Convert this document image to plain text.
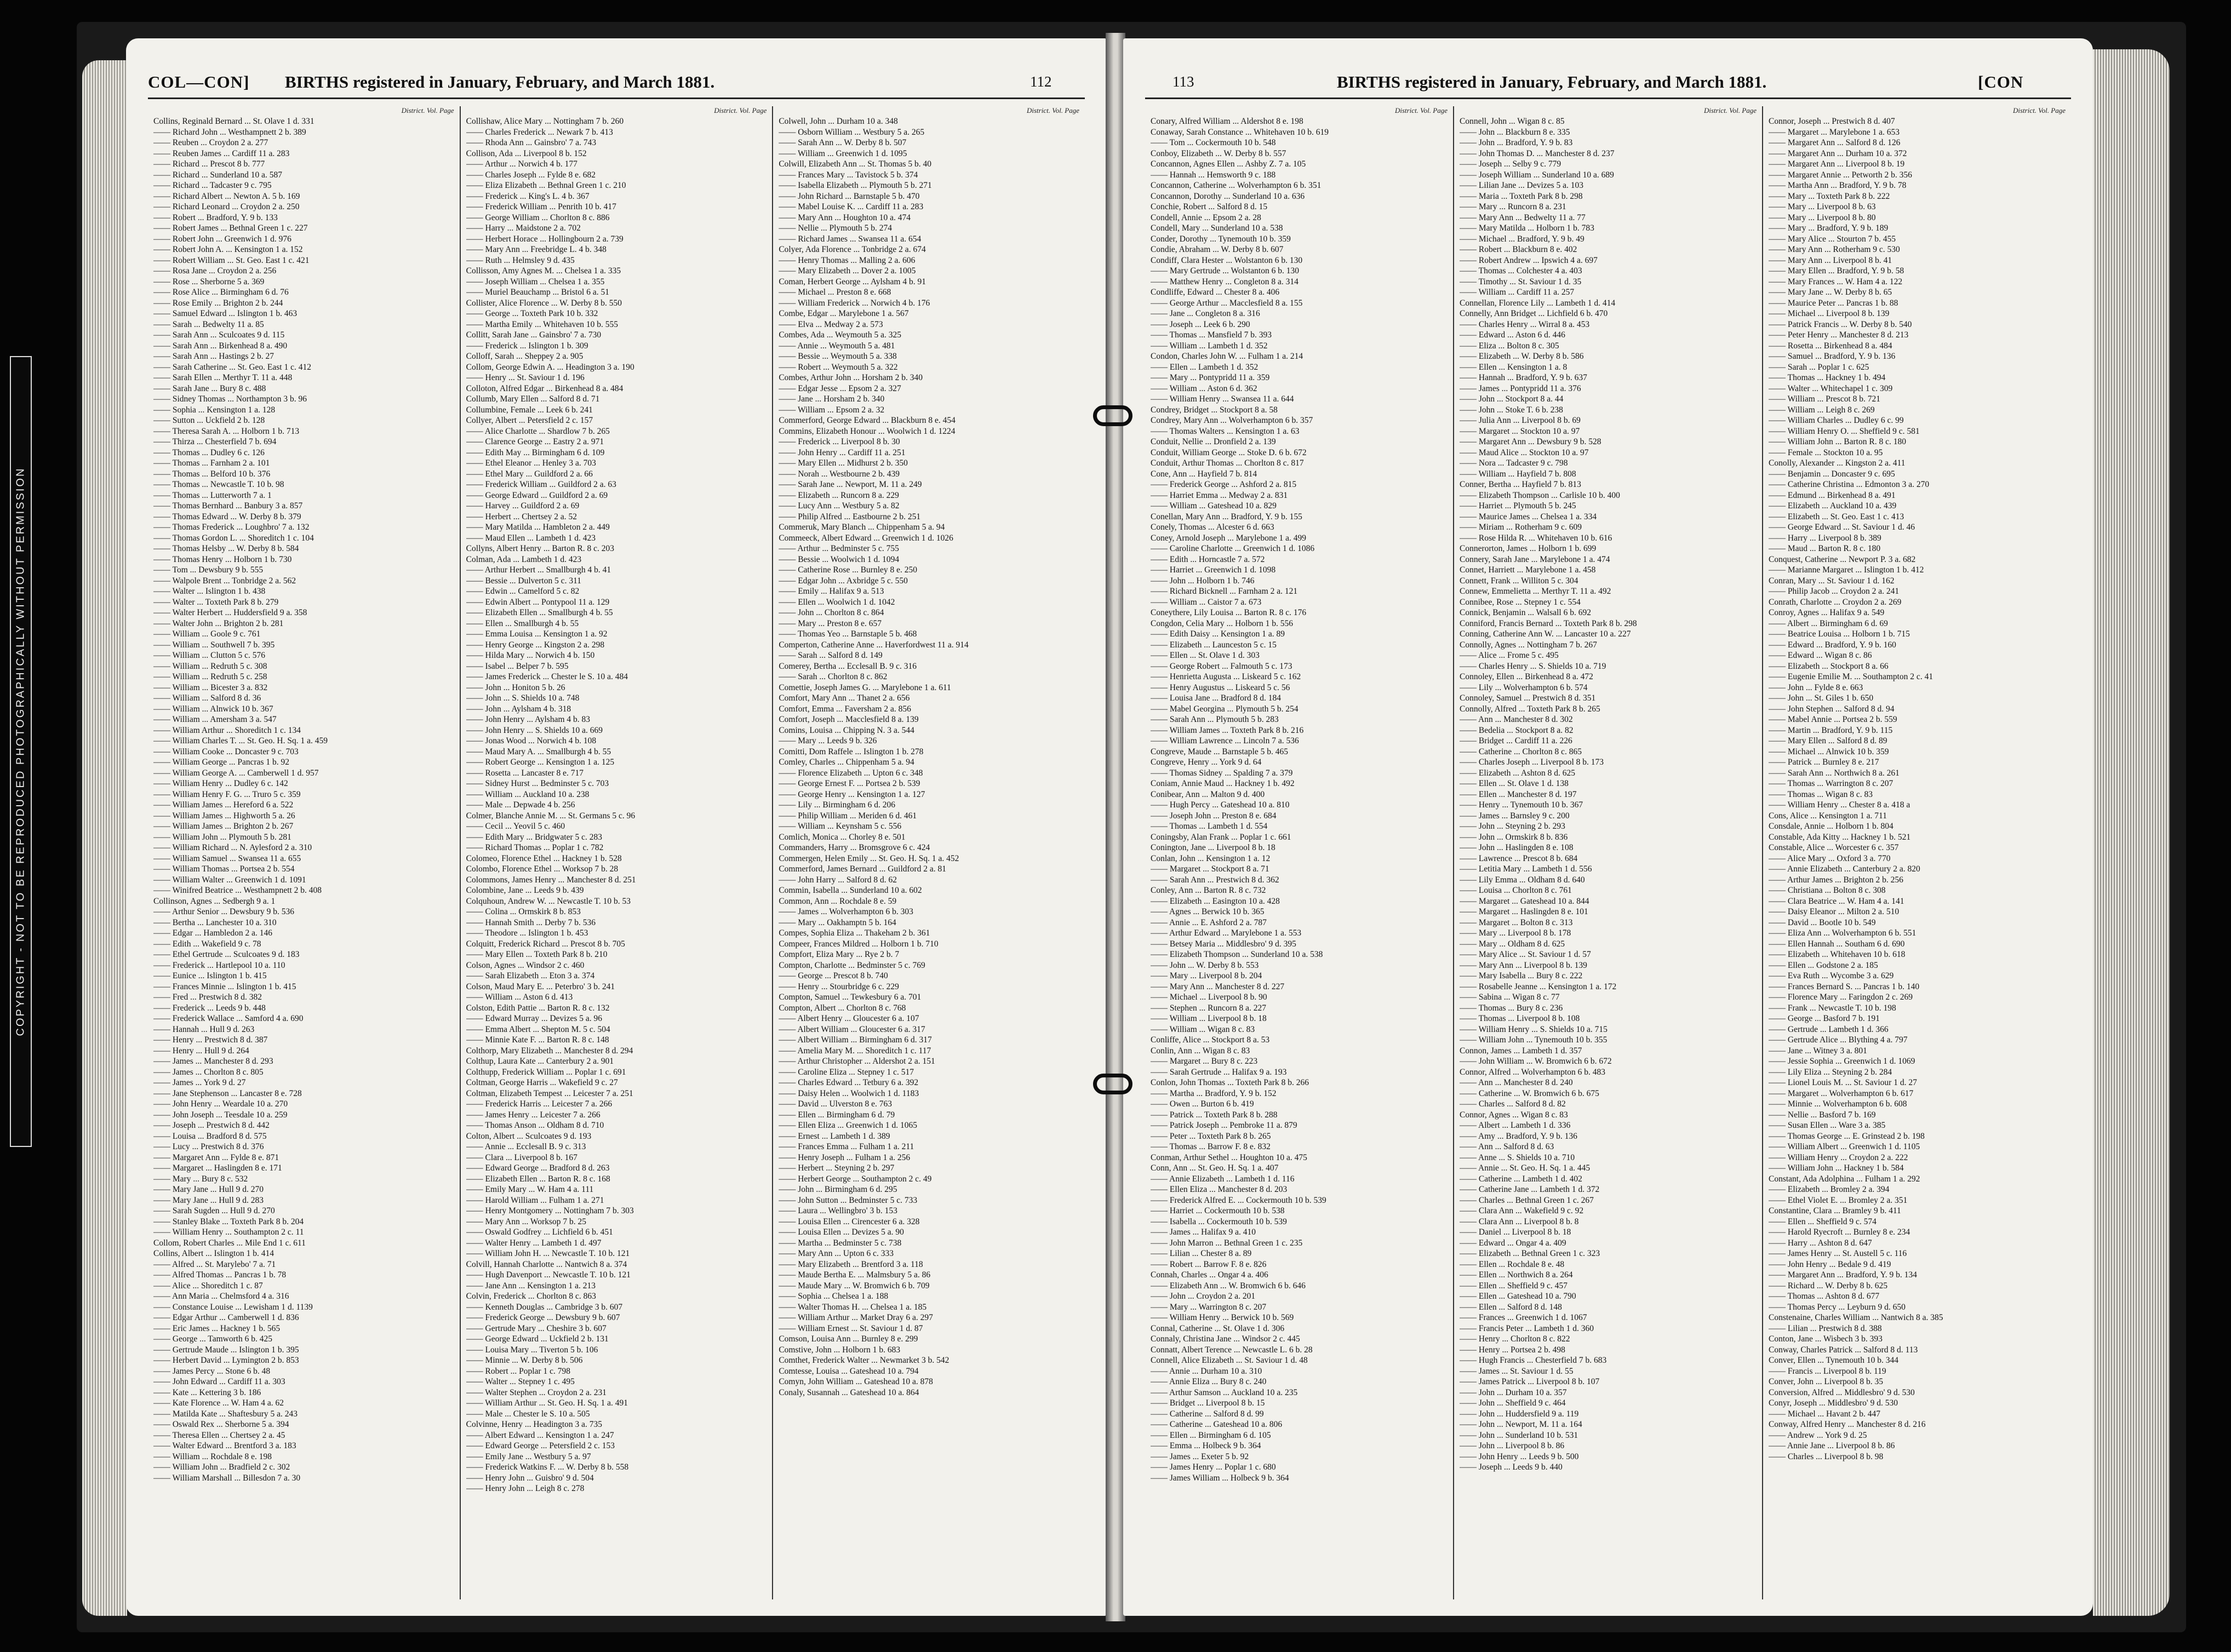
COPYRIGHT - NOT TO BE REPRODUCED PHOTOGRAPHICALLY WITHOUT PERMISSION
COL—CON] BIRTHS registered in January, February, and March 1881.	112
District. Vol. Page
Collins, Reginald Bernard ... St. Olave 1 d. 331
—— Richard John ... Westhampnett 2 b. 389
—— Reuben ... Croydon 2 a. 277
—— Reuben James ... Cardiff 11 a. 283
—— Richard ... Prescot 8 b. 777
—— Richard ... Sunderland 10 a. 587
—— Richard ... Tadcaster 9 c. 795
—— Richard Albert ... Newton A. 5 b. 169
—— Richard Leonard ... Croydon 2 a. 250
—— Robert ... Bradford, Y. 9 b. 133
—— Robert James ... Bethnal Green 1 c. 227
—— Robert John ... Greenwich 1 d. 976
—— Robert John A. ... Kensington 1 a. 152
—— Robert William ... St. Geo. East 1 c. 421
—— Rosa Jane ... Croydon 2 a. 256
—— Rose ... Sherborne 5 a. 369
—— Rose Alice ... Birmingham 6 d. 76
—— Rose Emily ... Brighton 2 b. 244
—— Samuel Edward ... Islington 1 b. 463
—— Sarah ... Bedwelty 11 a. 85
—— Sarah Ann ... Sculcoates 9 d. 115
—— Sarah Ann ... Birkenhead 8 a. 490
—— Sarah Ann ... Hastings 2 b. 27
—— Sarah Catherine ... St. Geo. East 1 c. 412
—— Sarah Ellen ... Merthyr T. 11 a. 448
—— Sarah Jane ... Bury 8 c. 488
—— Sidney Thomas ... Northampton 3 b. 96
—— Sophia ... Kensington 1 a. 128
—— Sutton ... Uckfield 2 b. 128
—— Theresa Sarah A. ... Holborn 1 b. 713
—— Thirza ... Chesterfield 7 b. 694
—— Thomas ... Dudley 6 c. 126
—— Thomas ... Farnham 2 a. 101
—— Thomas ... Belford 10 b. 376
—— Thomas ... Newcastle T. 10 b. 98
—— Thomas ... Lutterworth 7 a. 1
—— Thomas Bernhard ... Banbury 3 a. 857
—— Thomas Edward ... W. Derby 8 b. 379
—— Thomas Frederick ... Loughbro' 7 a. 132
—— Thomas Gordon L. ... Shoreditch 1 c. 104
—— Thomas Helsby ... W. Derby 8 b. 584
—— Thomas Henry ... Holborn 1 b. 730
—— Tom ... Dewsbury 9 b. 555
—— Walpole Brent ... Tonbridge 2 a. 562
—— Walter ... Islington 1 b. 438
—— Walter ... Toxteth Park 8 b. 279
—— Walter Herbert ... Huddersfield 9 a. 358
—— Walter John ... Brighton 2 b. 281
—— William ... Goole 9 c. 761
—— William ... Southwell 7 b. 395
—— William ... Clutton 5 c. 576
—— William ... Redruth 5 c. 308
—— William ... Redruth 5 c. 258
—— William ... Bicester 3 a. 832
—— William ... Salford 8 d. 36
—— William ... Alnwick 10 b. 367
—— William ... Amersham 3 a. 547
—— William Arthur ... Shoreditch 1 c. 134
—— William Charles T. ... St. Geo. H. Sq. 1 a. 459
—— William Cooke ... Doncaster 9 c. 703
—— William George ... Pancras 1 b. 92
—— William George A. ... Camberwell 1 d. 957
—— William Henry ... Dudley 6 c. 142
—— William Henry F. G. ... Truro 5 c. 359
—— William James ... Hereford 6 a. 522
—— William James ... Highworth 5 a. 26
—— William James ... Brighton 2 b. 267
—— William John ... Plymouth 5 b. 281
—— William Richard ... N. Aylesford 2 a. 310
—— William Samuel ... Swansea 11 a. 655
—— William Thomas ... Portsea 2 b. 554
—— William Walter ... Greenwich 1 d. 1091
—— Winifred Beatrice ... Westhampnett 2 b. 408
Collinson, Agnes ... Sedbergh 9 a. 1
—— Arthur Senior ... Dewsbury 9 b. 536
—— Bertha ... Lanchester 10 a. 310
—— Edgar ... Hambledon 2 a. 146
—— Edith ... Wakefield 9 c. 78
—— Ethel Gertrude ... Sculcoates 9 d. 183
—— Frederick ... Hartlepool 10 a. 110
—— Eunice ... Islington 1 b. 415
—— Frances Minnie ... Islington 1 b. 415
—— Fred ... Prestwich 8 d. 382
—— Frederick ... Leeds 9 b. 448
—— Frederick Wallace ... Samford 4 a. 690
—— Hannah ... Hull 9 d. 263
—— Henry ... Prestwich 8 d. 387
—— Henry ... Hull 9 d. 264
—— James ... Manchester 8 d. 293
—— James ... Chorlton 8 c. 805
—— James ... York 9 d. 27
—— Jane Stephenson ... Lancaster 8 e. 728
—— John Henry ... Weardale 10 a. 270
—— John Joseph ... Teesdale 10 a. 259
—— Joseph ... Prestwich 8 d. 442
—— Louisa ... Bradford 8 d. 575
—— Lucy ... Prestwich 8 d. 376
—— Margaret Ann ... Fylde 8 e. 871
—— Margaret ... Haslingden 8 e. 171
—— Mary ... Bury 8 c. 532
—— Mary Jane ... Hull 9 d. 270
—— Mary Jane ... Hull 9 d. 283
—— Sarah Sugden ... Hull 9 d. 270
—— Stanley Blake ... Toxteth Park 8 b. 204
—— William Henry ... Southampton 2 c. 11
Collom, Robert Charles ... Mile End 1 c. 611
Collins, Albert ... Islington 1 b. 414
—— Alfred ... St. Marylebo' 7 a. 71
—— Alfred Thomas ... Pancras 1 b. 78
—— Alice ... Shoreditch 1 c. 87
—— Ann Maria ... Chelmsford 4 a. 316
—— Constance Louise ... Lewisham 1 d. 1139
—— Edgar Arthur ... Camberwell 1 d. 836
—— Eric James ... Hackney 1 b. 565
—— George ... Tamworth 6 b. 425
—— Gertrude Maude ... Islington 1 b. 395
—— Herbert David ... Lymington 2 b. 853
—— James Percy ... Stone 6 b. 48
—— John Edward ... Cardiff 11 a. 303
—— Kate ... Kettering 3 b. 186
—— Kate Florence ... W. Ham 4 a. 62
—— Matilda Kate ... Shaftesbury 5 a. 243
—— Oswald Rex ... Sherborne 5 a. 394
—— Theresa Ellen ... Chertsey 2 a. 45
—— Walter Edward ... Brentford 3 a. 183
—— William ... Rochdale 8 e. 198
—— William John ... Bradfield 2 c. 302
—— William Marshall ... Billesdon 7 a. 30
District. Vol. Page
Collishaw, Alice Mary ... Nottingham 7 b. 260
—— Charles Frederick ... Newark 7 b. 413
—— Rhoda Ann ... Gainsbro' 7 a. 743
Collison, Ada ... Liverpool 8 b. 152
—— Arthur ... Norwich 4 b. 177
—— Charles Joseph ... Fylde 8 e. 682
—— Eliza Elizabeth ... Bethnal Green 1 c. 210
—— Frederick ... King's L. 4 b. 367
—— Frederick William ... Penrith 10 b. 417
—— George William ... Chorlton 8 c. 886
—— Harry ... Maidstone 2 a. 702
—— Herbert Horace ... Hollingbourn 2 a. 739
—— Mary Ann ... Freebridge L. 4 b. 348
—— Ruth ... Helmsley 9 d. 435
Collisson, Amy Agnes M. ... Chelsea 1 a. 335
—— Joseph William ... Chelsea 1 a. 355
—— Muriel Beauchamp ... Bristol 6 a. 51
Collister, Alice Florence ... W. Derby 8 b. 550
—— George ... Toxteth Park 10 b. 332
—— Martha Emily ... Whitehaven 10 b. 555
Collitt, Sarah Jane ... Gainsbro' 7 a. 730
—— Frederick ... Islington 1 b. 309
Colloff, Sarah ... Sheppey 2 a. 905
Collom, George Edwin A. ... Headington 3 a. 190
—— Henry ... St. Saviour 1 d. 196
Colloton, Alfred Edgar ... Birkenhead 8 a. 484
Collumb, Mary Ellen ... Salford 8 d. 71
Collumbine, Female ... Leek 6 b. 241
Collyer, Albert ... Petersfield 2 c. 157
—— Alice Charlotte ... Shardlow 7 b. 265
—— Clarence George ... Eastry 2 a. 971
—— Edith May ... Birmingham 6 d. 109
—— Ethel Eleanor ... Henley 3 a. 703
—— Ethel Mary ... Guildford 2 a. 66
—— Frederick William ... Guildford 2 a. 63
—— George Edward ... Guildford 2 a. 69
—— Harvey ... Guildford 2 a. 69
—— Herbert ... Chertsey 2 a. 52
—— Mary Matilda ... Hambleton 2 a. 449
—— Maud Ellen ... Lambeth 1 d. 423
Collyns, Albert Henry ... Barton R. 8 c. 203
Colman, Ada ... Lambeth 1 d. 423
—— Arthur Herbert ... Smallburgh 4 b. 41
—— Bessie ... Dulverton 5 c. 311
—— Edwin ... Camelford 5 c. 82
—— Edwin Albert ... Pontypool 11 a. 129
—— Elizabeth Ellen ... Smallburgh 4 b. 55
—— Ellen ... Smallburgh 4 b. 55
—— Emma Louisa ... Kensington 1 a. 92
—— Henry George ... Kingston 2 a. 298
—— Hilda Mary ... Norwich 4 b. 150
—— Isabel ... Belper 7 b. 595
—— James Frederick ... Chester le S. 10 a. 484
—— John ... Honiton 5 b. 26
—— John ... S. Shields 10 a. 748
—— John ... Aylsham 4 b. 318
—— John Henry ... Aylsham 4 b. 83
—— John Henry ... S. Shields 10 a. 669
—— Jonas Wood ... Norwich 4 b. 108
—— Maud Mary A. ... Smallburgh 4 b. 55
—— Robert George ... Kensington 1 a. 125
—— Rosetta ... Lancaster 8 e. 717
—— Sidney Hurst ... Bedminster 5 c. 703
—— William ... Auckland 10 a. 238
—— Male ... Depwade 4 b. 256
Colmer, Blanche Annie M. ... St. Germans 5 c. 96
—— Cecil ... Yeovil 5 c. 460
—— Edith Mary ... Bridgwater 5 c. 283
—— Richard Thomas ... Poplar 1 c. 782
Colomeo, Florence Ethel ... Hackney 1 b. 528
Colombo, Florence Ethel ... Worksop 7 b. 28
Colommons, James Henry ... Manchester 8 d. 251
Colombine, Jane ... Leeds 9 b. 439
Colquhoun, Andrew W. ... Newcastle T. 10 b. 53
—— Colina ... Ormskirk 8 b. 853
—— Hannah Smith ... Derby 7 b. 536
—— Theodore ... Islington 1 b. 453
Colquitt, Frederick Richard ... Prescot 8 b. 705
—— Mary Ellen ... Toxteth Park 8 b. 210
Colson, Agnes ... Windsor 2 c. 460
—— Sarah Elizabeth ... Eton 3 a. 374
Colson, Maud Mary E. ... Peterbro' 3 b. 241
—— William ... Aston 6 d. 413
Colston, Edith Pattie ... Barton R. 8 c. 132
—— Edward Murray ... Devizes 5 a. 96
—— Emma Albert ... Shepton M. 5 c. 504
—— Minnie Kate F. ... Barton R. 8 c. 148
Colthorp, Mary Elizabeth ... Manchester 8 d. 294
Colthup, Laura Kate ... Canterbury 2 a. 901
Colthupp, Frederick William ... Poplar 1 c. 691
Coltman, George Harris ... Wakefield 9 c. 27
Coltman, Elizabeth Tempest ... Leicester 7 a. 251
—— Frederick Harris ... Leicester 7 a. 266
—— James Henry ... Leicester 7 a. 266
—— Thomas Anson ... Oldham 8 d. 710
Colton, Albert ... Sculcoates 9 d. 193
—— Annie ... Ecclesall B. 9 c. 313
—— Clara ... Liverpool 8 b. 167
—— Edward George ... Bradford 8 d. 263
—— Elizabeth Ellen ... Barton R. 8 c. 168
—— Emily Mary ... W. Ham 4 a. 111
—— Harold William ... Fulham 1 a. 271
—— Henry Montgomery ... Nottingham 7 b. 303
—— Mary Ann ... Worksop 7 b. 25
—— Oswald Godfrey ... Lichfield 6 b. 451
—— Walter Henry ... Lambeth 1 d. 497
—— William John H. ... Newcastle T. 10 b. 121
Colvill, Hannah Charlotte ... Nantwich 8 a. 374
—— Hugh Davenport ... Newcastle T. 10 b. 121
—— Jane Ann ... Kensington 1 a. 213
Colvin, Frederick ... Chorlton 8 c. 863
—— Kenneth Douglas ... Cambridge 3 b. 607
—— Frederick George ... Dewsbury 9 b. 607
—— Gertrude Mary ... Cheshire 3 b. 607
—— George Edward ... Uckfield 2 b. 131
—— Louisa Mary ... Tiverton 5 b. 106
—— Minnie ... W. Derby 8 b. 506
—— Robert ... Poplar 1 c. 798
—— Walter ... Stepney 1 c. 495
—— Walter Stephen ... Croydon 2 a. 231
—— William Arthur ... St. Geo. H. Sq. 1 a. 491
—— Male ... Chester le S. 10 a. 505
Colvinne, Henry ... Headington 3 a. 735
—— Albert Edward ... Kensington 1 a. 247
—— Edward George ... Petersfield 2 c. 153
—— Emily Jane ... Westbury 5 a. 97
—— Frederick Watkins F. ... W. Derby 8 b. 558
—— Henry John ... Guisbro' 9 d. 504
—— Henry John ... Leigh 8 c. 278
District. Vol. Page
Colwell, John ... Durham 10 a. 348
—— Osborn William ... Westbury 5 a. 265
—— Sarah Ann ... W. Derby 8 b. 507
—— William ... Greenwich 1 d. 1095
Colwill, Elizabeth Ann ... St. Thomas 5 b. 40
—— Frances Mary ... Tavistock 5 b. 374
—— Isabella Elizabeth ... Plymouth 5 b. 271
—— John Richard ... Barnstaple 5 b. 470
—— Mabel Louise K. ... Cardiff 11 a. 283
—— Mary Ann ... Houghton 10 a. 474
—— Nellie ... Plymouth 5 b. 274
—— Richard James ... Swansea 11 a. 654
Colyer, Ada Florence ... Tonbridge 2 a. 674
—— Henry Thomas ... Malling 2 a. 606
—— Mary Elizabeth ... Dover 2 a. 1005
Coman, Herbert George ... Aylsham 4 b. 91
—— Michael ... Preston 8 e. 668
—— William Frederick ... Norwich 4 b. 176
Combe, Edgar ... Marylebone 1 a. 567
—— Elva ... Medway 2 a. 573
Combes, Ada ... Weymouth 5 a. 325
—— Annie ... Weymouth 5 a. 481
—— Bessie ... Weymouth 5 a. 338
—— Robert ... Weymouth 5 a. 322
Combes, Arthur John ... Horsham 2 b. 340
—— Edgar Jesse ... Epsom 2 a. 327
—— Jane ... Horsham 2 b. 340
—— William ... Epsom 2 a. 32
Commerford, George Edward ... Blackburn 8 e. 454
Commins, Elizabeth Honour ... Woolwich 1 d. 1224
—— Frederick ... Liverpool 8 b. 30
—— John Henry ... Cardiff 11 a. 251
—— Mary Ellen ... Midhurst 2 b. 350
—— Norah ... Westbourne 2 b. 439
—— Sarah Jane ... Newport, M. 11 a. 249
—— Elizabeth ... Runcorn 8 a. 229
—— Lucy Ann ... Westbury 5 a. 82
—— Philip Alfred ... Eastbourne 2 b. 251
Commeruk, Mary Blanch ... Chippenham 5 a. 94
Commeeck, Albert Edward ... Greenwich 1 d. 1026
—— Arthur ... Bedminster 5 c. 755
—— Bessie ... Woolwich 1 d. 1094
—— Catherine Rose ... Burnley 8 e. 250
—— Edgar John ... Axbridge 5 c. 550
—— Emily ... Halifax 9 a. 513
—— Ellen ... Woolwich 1 d. 1042
—— John ... Chorlton 8 c. 864
—— Mary ... Preston 8 e. 657
—— Thomas Yeo ... Barnstaple 5 b. 468
Comperton, Catherine Anne ... Haverfordwest 11 a. 914
—— Sarah ... Salford 8 d. 149
Comerey, Bertha ... Ecclesall B. 9 c. 316
—— Sarah ... Chorlton 8 c. 862
Comettie, Joseph James G. ... Marylebone 1 a. 611
Comfort, Mary Ann ... Thanet 2 a. 656
Comfort, Emma ... Faversham 2 a. 856
Comfort, Joseph ... Macclesfield 8 a. 139
Comins, Louisa ... Chipping N. 3 a. 544
—— Mary ... Leeds 9 b. 326
Comitti, Dom Raffele ... Islington 1 b. 278
Comley, Charles ... Chippenham 5 a. 94
—— Florence Elizabeth ... Upton 6 c. 348
—— George Ernest F. ... Portsea 2 b. 539
—— George Henry ... Kensington 1 a. 127
—— Lily ... Birmingham 6 d. 206
—— Philip William ... Meriden 6 d. 461
—— William ... Keynsham 5 c. 556
Comlich, Monica ... Chorley 8 e. 501
Commanders, Harry ... Bromsgrove 6 c. 424
Commergen, Helen Emily ... St. Geo. H. Sq. 1 a. 452
Commerford, James Bernard ... Guildford 2 a. 81
—— John Harry ... Salford 8 d. 62
Commin, Isabella ... Sunderland 10 a. 602
Common, Ann ... Rochdale 8 e. 59
—— James ... Wolverhampton 6 b. 303
—— Mary ... Oakhamptn 5 b. 164
Compes, Sophia Eliza ... Thakeham 2 b. 361
Compeer, Frances Mildred ... Holborn 1 b. 710
Compfort, Eliza Mary ... Rye 2 b. 7
Compton, Charlotte ... Bedminster 5 c. 769
—— George ... Prescot 8 b. 740
—— Henry ... Stourbridge 6 c. 229
Compton, Samuel ... Tewkesbury 6 a. 701
Compton, Albert ... Chorlton 8 c. 768
—— Albert Henry ... Gloucester 6 a. 107
—— Albert William ... Gloucester 6 a. 317
—— Albert William ... Birmingham 6 d. 317
—— Amelia Mary M. ... Shoreditch 1 c. 117
—— Arthur Christopher ... Aldershot 2 a. 151
—— Caroline Eliza ... Stepney 1 c. 517
—— Charles Edward ... Tetbury 6 a. 392
—— Daisy Helen ... Woolwich 1 d. 1183
—— David ... Ulverston 8 e. 763
—— Ellen ... Birmingham 6 d. 79
—— Ellen Eliza ... Greenwich 1 d. 1065
—— Ernest ... Lambeth 1 d. 389
—— Frances Emma ... Fulham 1 a. 211
—— Henry Joseph ... Fulham 1 a. 256
—— Herbert ... Steyning 2 b. 297
—— Herbert George ... Southampton 2 c. 49
—— John ... Birmingham 6 d. 295
—— John Sutton ... Bedminster 5 c. 733
—— Laura ... Wellingbro' 3 b. 153
—— Louisa Ellen ... Cirencester 6 a. 328
—— Louisa Ellen ... Devizes 5 a. 90
—— Martha ... Bedminster 5 c. 738
—— Mary Ann ... Upton 6 c. 333
—— Mary Elizabeth ... Brentford 3 a. 118
—— Maude Bertha E. ... Malmsbury 5 a. 86
—— Maude Mary ... W. Bromwich 6 b. 709
—— Sophia ... Chelsea 1 a. 188
—— Walter Thomas H. ... Chelsea 1 a. 185
—— William Arthur ... Market Dray 6 a. 297
—— William Ernest ... St. Saviour 1 d. 87
Comson, Louisa Ann ... Burnley 8 e. 299
Comstive, John ... Holborn 1 b. 683
Comthet, Frederick Walter ... Newmarket 3 b. 542
Comtesse, Louisa ... Gateshead 10 a. 794
Comyn, John William ... Gateshead 10 a. 878
Conaly, Susannah ... Gateshead 10 a. 864
113	BIRTHS registered in January, February, and March 1881.	[CON
District. Vol. Page
Conary, Alfred William ... Aldershot 8 e. 198
Conaway, Sarah Constance ... Whitehaven 10 b. 619
—— Tom ... Cockermouth 10 b. 548
Conboy, Elizabeth ... W. Derby 8 b. 557
Concannon, Agnes Ellen ... Ashby Z. 7 a. 105
—— Hannah ... Hemsworth 9 c. 188
Concannon, Catherine ... Wolverhampton 6 b. 351
Concannon, Dorothy ... Sunderland 10 a. 636
Conchie, Robert ... Salford 8 d. 15
Condell, Annie ... Epsom 2 a. 28
Condell, Mary ... Sunderland 10 a. 538
Conder, Dorothy ... Tynemouth 10 b. 359
Condie, Abraham ... W. Derby 8 b. 607
Condiff, Clara Hester ... Wolstanton 6 b. 130
—— Mary Gertrude ... Wolstanton 6 b. 130
—— Matthew Henry ... Congleton 8 a. 314
Condliffe, Edward ... Chester 8 a. 406
—— George Arthur ... Macclesfield 8 a. 155
—— Jane ... Congleton 8 a. 316
—— Joseph ... Leek 6 b. 290
—— Thomas ... Mansfield 7 b. 393
—— William ... Lambeth 1 d. 352
Condon, Charles John W. ... Fulham 1 a. 214
—— Ellen ... Lambeth 1 d. 352
—— Mary ... Pontypridd 11 a. 359
—— William ... Aston 6 d. 362
—— William Henry ... Swansea 11 a. 644
Condrey, Bridget ... Stockport 8 a. 58
Condrey, Mary Ann ... Wolverhampton 6 b. 357
—— Thomas Walters ... Kensington 1 a. 63
Conduit, Nellie ... Dronfield 2 a. 139
Conduit, William George ... Stoke D. 6 b. 672
Conduit, Arthur Thomas ... Chorlton 8 c. 817
Cone, Ann ... Hayfield 7 b. 814
—— Frederick George ... Ashford 2 a. 815
—— Harriet Emma ... Medway 2 a. 831
—— William ... Gateshead 10 a. 829
Conellan, Mary Ann ... Bradford, Y. 9 b. 155
Conely, Thomas ... Alcester 6 d. 663
Coney, Arnold Joseph ... Marylebone 1 a. 499
—— Caroline Charlotte ... Greenwich 1 d. 1086
—— Edith ... Horncastle 7 a. 572
—— Harriet ... Greenwich 1 d. 1098
—— John ... Holborn 1 b. 746
—— Richard Bicknell ... Farnham 2 a. 121
—— William ... Caistor 7 a. 673
Coneythere, Lily Louisa ... Barton R. 8 c. 176
Congdon, Celia Mary ... Holborn 1 b. 556
—— Edith Daisy ... Kensington 1 a. 89
—— Elizabeth ... Launceston 5 c. 15
—— Ellen ... St. Olave 1 d. 303
—— George Robert ... Falmouth 5 c. 173
—— Henrietta Augusta ... Liskeard 5 c. 162
—— Henry Augustus ... Liskeard 5 c. 56
—— Louisa Jane ... Bradford 8 d. 184
—— Mabel Georgina ... Plymouth 5 b. 254
—— Sarah Ann ... Plymouth 5 b. 283
—— William James ... Toxteth Park 8 b. 216
—— William Lawrence ... Lincoln 7 a. 536
Congreve, Maude ... Barnstaple 5 b. 465
Congreve, Henry ... York 9 d. 64
—— Thomas Sidney ... Spalding 7 a. 379
Coniam, Annie Maud ... Hackney 1 b. 492
Conibear, Ann ... Malton 9 d. 400
—— Hugh Percy ... Gateshead 10 a. 810
—— Joseph John ... Preston 8 e. 684
—— Thomas ... Lambeth 1 d. 554
Coningsby, Alan Frank ... Poplar 1 c. 661
Conington, Jane ... Liverpool 8 b. 18
Conlan, John ... Kensington 1 a. 12
—— Margaret ... Stockport 8 a. 71
—— Sarah Ann ... Prestwich 8 d. 362
Conley, Ann ... Barton R. 8 c. 732
—— Elizabeth ... Easington 10 a. 428
—— Agnes ... Berwick 10 b. 365
—— Annie ... E. Ashford 2 a. 787
—— Arthur Edward ... Marylebone 1 a. 553
—— Betsey Maria ... Middlesbro' 9 d. 395
—— Elizabeth Thompson ... Sunderland 10 a. 538
—— John ... W. Derby 8 b. 553
—— Mary ... Liverpool 8 b. 204
—— Mary Ann ... Manchester 8 d. 227
—— Michael ... Liverpool 8 b. 90
—— Stephen ... Runcorn 8 a. 227
—— William ... Liverpool 8 b. 18
—— William ... Wigan 8 c. 83
Conliffe, Alice ... Stockport 8 a. 53
Conlin, Ann ... Wigan 8 c. 83
—— Margaret ... Bury 8 c. 223
—— Sarah Gertrude ... Halifax 9 a. 193
Conlon, John Thomas ... Toxteth Park 8 b. 266
—— Martha ... Bradford, Y. 9 b. 152
—— Owen ... Burton 6 b. 419
—— Patrick ... Toxteth Park 8 b. 288
—— Patrick Joseph ... Pembroke 11 a. 879
—— Peter ... Toxteth Park 8 b. 265
—— Thomas ... Barrow F. 8 e. 832
Conman, Arthur Sethel ... Houghton 10 a. 475
Conn, Ann ... St. Geo. H. Sq. 1 a. 407
—— Annie Elizabeth ... Lambeth 1 d. 116
—— Ellen Eliza ... Manchester 8 d. 203
—— Frederick Alfred E. ... Cockermouth 10 b. 539
—— Harriet ... Cockermouth 10 b. 538
—— Isabella ... Cockermouth 10 b. 539
—— James ... Halifax 9 a. 410
—— John Marron ... Bethnal Green 1 c. 235
—— Lilian ... Chester 8 a. 89
—— Robert ... Barrow F. 8 e. 826
Connah, Charles ... Ongar 4 a. 406
—— Elizabeth Ann ... W. Bromwich 6 b. 646
—— John ... Croydon 2 a. 201
—— Mary ... Warrington 8 c. 207
—— William Henry ... Berwick 10 b. 569
Connal, Catherine ... St. Olave 1 d. 306
Connaly, Christina Jane ... Windsor 2 c. 445
Connatt, Albert Terence ... Newcastle L. 6 b. 28
Connell, Alice Elizabeth ... St. Saviour 1 d. 48
—— Annie ... Durham 10 a. 310
—— Annie Eliza ... Bury 8 c. 240
—— Arthur Samson ... Auckland 10 a. 235
—— Bridget ... Liverpool 8 b. 15
—— Catherine ... Salford 8 d. 99
—— Catherine ... Gateshead 10 a. 806
—— Ellen ... Birmingham 6 d. 105
—— Emma ... Holbeck 9 b. 364
—— James ... Exeter 5 b. 92
—— James Henry ... Poplar 1 c. 680
—— James William ... Holbeck 9 b. 364
District. Vol. Page
Connell, John ... Wigan 8 c. 85
—— John ... Blackburn 8 e. 335
—— John ... Bradford, Y. 9 b. 83
—— John Thomas D. ... Manchester 8 d. 237
—— Joseph ... Selby 9 c. 779
—— Joseph William ... Sunderland 10 a. 689
—— Lilian Jane ... Devizes 5 a. 103
—— Maria ... Toxteth Park 8 b. 298
—— Mary ... Runcorn 8 a. 231
—— Mary Ann ... Bedwelty 11 a. 77
—— Mary Matilda ... Holborn 1 b. 783
—— Michael ... Bradford, Y. 9 b. 49
—— Robert ... Blackburn 8 e. 402
—— Robert Andrew ... Ipswich 4 a. 697
—— Thomas ... Colchester 4 a. 403
—— Timothy ... St. Saviour 1 d. 35
—— William ... Cardiff 11 a. 257
Connellan, Florence Lily ... Lambeth 1 d. 414
Connelly, Ann Bridget ... Lichfield 6 b. 470
—— Charles Henry ... Wirral 8 a. 453
—— Edward ... Aston 6 d. 446
—— Eliza ... Bolton 8 c. 305
—— Elizabeth ... W. Derby 8 b. 586
—— Ellen ... Kensington 1 a. 8
—— Hannah ... Bradford, Y. 9 b. 637
—— James ... Pontypridd 11 a. 376
—— John ... Stockport 8 a. 44
—— John ... Stoke T. 6 b. 238
—— Julia Ann ... Liverpool 8 b. 69
—— Margaret ... Stockton 10 a. 97
—— Margaret Ann ... Dewsbury 9 b. 528
—— Maud Alice ... Stockton 10 a. 97
—— Nora ... Tadcaster 9 c. 798
—— William ... Hayfield 7 b. 808
Conner, Bertha ... Hayfield 7 b. 813
—— Elizabeth Thompson ... Carlisle 10 b. 400
—— Harriet ... Plymouth 5 b. 245
—— Maurice James ... Chelsea 1 a. 334
—— Miriam ... Rotherham 9 c. 609
—— Rose Hilda R. ... Whitehaven 10 b. 616
Connerorton, James ... Holborn 1 b. 699
Connery, Sarah Jane ... Marylebone 1 a. 474
Connet, Harriett ... Marylebone 1 a. 458
Connett, Frank ... Williton 5 c. 304
Connew, Emmelietta ... Merthyr T. 11 a. 492
Connibee, Rose ... Stepney 1 c. 554
Connick, Benjamin ... Walsall 6 b. 692
Conniford, Francis Bernard ... Toxteth Park 8 b. 298
Conning, Catherine Ann W. ... Lancaster 10 a. 227
Connolly, Agnes ... Nottingham 7 b. 267
—— Alice ... Frome 5 c. 495
—— Charles Henry ... S. Shields 10 a. 719
Connoley, Ellen ... Birkenhead 8 a. 472
—— Lily ... Wolverhampton 6 b. 574
Connoley, Samuel ... Prestwich 8 d. 351
Connolly, Alfred ... Toxteth Park 8 b. 265
—— Ann ... Manchester 8 d. 302
—— Bedelia ... Stockport 8 a. 82
—— Bridget ... Cardiff 11 a. 226
—— Catherine ... Chorlton 8 c. 865
—— Charles Joseph ... Liverpool 8 b. 173
—— Elizabeth ... Ashton 8 d. 625
—— Ellen ... St. Olave 1 d. 138
—— Ellen ... Manchester 8 d. 197
—— Henry ... Tynemouth 10 b. 367
—— James ... Barnsley 9 c. 200
—— John ... Steyning 2 b. 293
—— John ... Ormskirk 8 b. 836
—— John ... Haslingden 8 e. 108
—— Lawrence ... Prescot 8 b. 684
—— Letitia Mary ... Lambeth 1 d. 556
—— Lily Emma ... Oldham 8 d. 640
—— Louisa ... Chorlton 8 c. 761
—— Margaret ... Gateshead 10 a. 844
—— Margaret ... Haslingden 8 e. 101
—— Margaret ... Bolton 8 c. 313
—— Mary ... Liverpool 8 b. 178
—— Mary ... Oldham 8 d. 625
—— Mary Alice ... St. Saviour 1 d. 57
—— Mary Ann ... Liverpool 8 b. 139
—— Mary Isabella ... Bury 8 c. 222
—— Rosabelle Jeanne ... Kensington 1 a. 172
—— Sabina ... Wigan 8 c. 77
—— Thomas ... Bury 8 c. 236
—— Thomas ... Liverpool 8 b. 108
—— William Henry ... S. Shields 10 a. 715
—— William John ... Tynemouth 10 b. 355
Connon, James ... Lambeth 1 d. 357
—— John William ... W. Bromwich 6 b. 672
Connor, Alfred ... Wolverhampton 6 b. 483
—— Ann ... Manchester 8 d. 240
—— Catherine ... W. Bromwich 6 b. 675
—— Charles ... Salford 8 d. 82
Connor, Agnes ... Wigan 8 c. 83
—— Albert ... Lambeth 1 d. 336
—— Amy ... Bradford, Y. 9 b. 136
—— Ann ... Salford 8 d. 63
—— Anne ... S. Shields 10 a. 710
—— Annie ... St. Geo. H. Sq. 1 a. 445
—— Catherine ... Lambeth 1 d. 402
—— Catherine Jane ... Lambeth 1 d. 372
—— Charles ... Bethnal Green 1 c. 267
—— Clara Ann ... Wakefield 9 c. 92
—— Clara Ann ... Liverpool 8 b. 8
—— Daniel ... Liverpool 8 b. 18
—— Edward ... Ongar 4 a. 409
—— Elizabeth ... Bethnal Green 1 c. 323
—— Ellen ... Rochdale 8 e. 48
—— Ellen ... Northwich 8 a. 264
—— Ellen ... Sheffield 9 c. 457
—— Ellen ... Gateshead 10 a. 790
—— Ellen ... Salford 8 d. 148
—— Frances ... Greenwich 1 d. 1067
—— Francis Peter ... Lambeth 1 d. 360
—— Henry ... Chorlton 8 c. 822
—— Henry ... Portsea 2 b. 498
—— Hugh Francis ... Chesterfield 7 b. 683
—— James ... St. Saviour 1 d. 55
—— James Patrick ... Liverpool 8 b. 107
—— John ... Durham 10 a. 357
—— John ... Sheffield 9 c. 464
—— John ... Huddersfield 9 a. 119
—— John ... Newport, M. 11 a. 164
—— John ... Sunderland 10 b. 531
—— John ... Liverpool 8 b. 86
—— John Henry ... Leeds 9 b. 500
—— Joseph ... Leeds 9 b. 440
District. Vol. Page
Connor, Joseph ... Prestwich 8 d. 407
—— Margaret ... Marylebone 1 a. 653
—— Margaret Ann ... Salford 8 d. 126
—— Margaret Ann ... Durham 10 a. 372
—— Margaret Ann ... Liverpool 8 b. 19
—— Margaret Annie ... Petworth 2 b. 356
—— Martha Ann ... Bradford, Y. 9 b. 78
—— Mary ... Toxteth Park 8 b. 222
—— Mary ... Liverpool 8 b. 63
—— Mary ... Liverpool 8 b. 80
—— Mary ... Bradford, Y. 9 b. 189
—— Mary Alice ... Stourton 7 b. 455
—— Mary Ann ... Rotherham 9 c. 530
—— Mary Ann ... Liverpool 8 b. 41
—— Mary Ellen ... Bradford, Y. 9 b. 58
—— Mary Frances ... W. Ham 4 a. 122
—— Mary Jane ... W. Derby 8 b. 65
—— Maurice Peter ... Pancras 1 b. 88
—— Michael ... Liverpool 8 b. 139
—— Patrick Francis ... W. Derby 8 b. 540
—— Peter Henry ... Manchester 8 d. 213
—— Rosetta ... Birkenhead 8 a. 484
—— Samuel ... Bradford, Y. 9 b. 136
—— Sarah ... Poplar 1 c. 625
—— Thomas ... Hackney 1 b. 494
—— Walter ... Whitechapel 1 c. 309
—— William ... Prescot 8 b. 721
—— William ... Leigh 8 c. 269
—— William Charles ... Dudley 6 c. 99
—— William Henry O. ... Sheffield 9 c. 581
—— William John ... Barton R. 8 c. 180
—— Female ... Stockton 10 a. 95
Conolly, Alexander ... Kingston 2 a. 411
—— Benjamin ... Doncaster 9 c. 695
—— Catherine Christina ... Edmonton 3 a. 270
—— Edmund ... Birkenhead 8 a. 491
—— Elizabeth ... Auckland 10 a. 439
—— Elizabeth ... St. Geo. East 1 c. 413
—— George Edward ... St. Saviour 1 d. 46
—— Harry ... Liverpool 8 b. 389
—— Maud ... Barton R. 8 c. 180
Conquest, Catherine ... Newport P. 3 a. 682
—— Marianne Margaret ... Islington 1 b. 412
Conran, Mary ... St. Saviour 1 d. 162
—— Philip Jacob ... Croydon 2 a. 241
Conrath, Charlotte ... Croydon 2 a. 269
Conroy, Agnes ... Halifax 9 a. 549
—— Albert ... Birmingham 6 d. 69
—— Beatrice Louisa ... Holborn 1 b. 715
—— Edward ... Bradford, Y. 9 b. 160
—— Edward ... Wigan 8 c. 86
—— Elizabeth ... Stockport 8 a. 66
—— Eugenie Emilie M. ... Southampton 2 c. 41
—— John ... Fylde 8 e. 663
—— John ... St. Giles 1 b. 650
—— John Stephen ... Salford 8 d. 94
—— Mabel Annie ... Portsea 2 b. 559
—— Martin ... Bradford, Y. 9 b. 115
—— Mary Ellen ... Salford 8 d. 89
—— Michael ... Alnwick 10 b. 359
—— Patrick ... Burnley 8 e. 217
—— Sarah Ann ... Northwich 8 a. 261
—— Thomas ... Warrington 8 c. 207
—— Thomas ... Wigan 8 c. 83
—— William Henry ... Chester 8 a. 418 a
Cons, Alice ... Kensington 1 a. 711
Consdale, Annie ... Holborn 1 b. 804
Constable, Ada Kitty ... Hackney 1 b. 521
Constable, Alice ... Worcester 6 c. 357
—— Alice Mary ... Oxford 3 a. 770
—— Annie Elizabeth ... Canterbury 2 a. 820
—— Arthur James ... Brighton 2 b. 256
—— Christiana ... Bolton 8 c. 308
—— Clara Beatrice ... W. Ham 4 a. 141
—— Daisy Eleanor ... Milton 2 a. 510
—— David ... Bootle 10 b. 549
—— Eliza Ann ... Wolverhampton 6 b. 551
—— Ellen Hannah ... Southam 6 d. 690
—— Elizabeth ... Whitehaven 10 b. 618
—— Ellen ... Godstone 2 a. 185
—— Eva Ruth ... Wycombe 3 a. 629
—— Frances Bernard S. ... Pancras 1 b. 140
—— Florence Mary ... Faringdon 2 c. 269
—— Frank ... Newcastle T. 10 b. 198
—— George ... Basford 7 b. 191
—— Gertrude ... Lambeth 1 d. 366
—— Gertrude Alice ... Blything 4 a. 797
—— Jane ... Witney 3 a. 801
—— Jessie Sophia ... Greenwich 1 d. 1069
—— Lily Eliza ... Steyning 2 b. 284
—— Lionel Louis M. ... St. Saviour 1 d. 27
—— Margaret ... Wolverhampton 6 b. 617
—— Minnie ... Wolverhampton 6 b. 608
—— Nellie ... Basford 7 b. 169
—— Susan Ellen ... Ware 3 a. 385
—— Thomas George ... E. Grinstead 2 b. 198
—— William Albert ... Greenwich 1 d. 1105
—— William Henry ... Croydon 2 a. 222
—— William John ... Hackney 1 b. 584
Constant, Ada Adolphina ... Fulham 1 a. 292
—— Elizabeth ... Bromley 2 a. 394
—— Ethel Violet E. ... Bromley 2 a. 351
Constantine, Clara ... Bramley 9 b. 411
—— Ellen ... Sheffield 9 c. 574
—— Harold Ryecroft ... Burnley 8 e. 234
—— Harry ... Ashton 8 d. 647
—— James Henry ... St. Austell 5 c. 116
—— John Henry ... Bedale 9 d. 419
—— Margaret Ann ... Bradford, Y. 9 b. 134
—— Richard ... W. Derby 8 b. 625
—— Thomas ... Ashton 8 d. 677
—— Thomas Percy ... Leyburn 9 d. 650
Constenaine, Charles William ... Nantwich 8 a. 385
—— Lilian ... Prestwich 8 d. 388
Conton, Jane ... Wisbech 3 b. 393
Conway, Charles Patrick ... Salford 8 d. 113
Conver, Ellen ... Tynemouth 10 b. 344
—— Francis ... Liverpool 8 b. 119
Conver, John ... Liverpool 8 b. 35
Conversion, Alfred ... Middlesbro' 9 d. 530
Conyr, Joseph ... Middlesbro' 9 d. 530
—— Michael ... Havant 2 b. 447
Conway, Alfred Henry ... Manchester 8 d. 216
—— Andrew ... York 9 d. 25
—— Annie Jane ... Liverpool 8 b. 86
—— Charles ... Liverpool 8 b. 98
